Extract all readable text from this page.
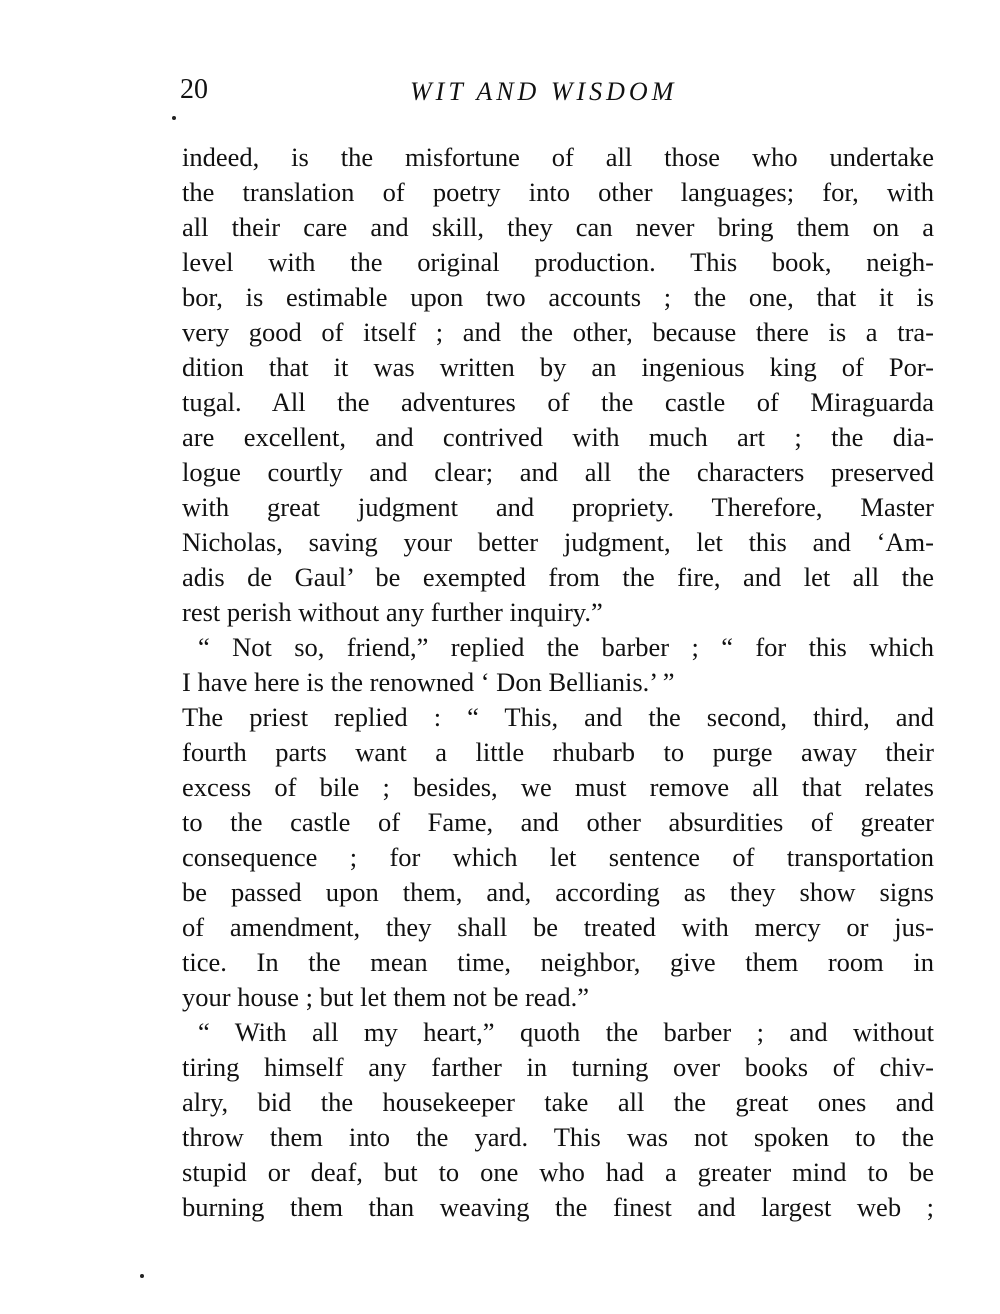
20	WIT AND WISDOM
indeed, is the misfortune of all those who undertake
the translation of poetry into other languages; for, with
all their care and skill, they can never bring them on a
level with the original production. This book, neigh-
bor, is estimable upon two accounts ; the one, that it is
very good of itself ; and the other, because there is a tra-
dition that it was written by an ingenious king of Por-
tugal. All the adventures of the castle of Miraguarda
are excellent, and contrived with much art ; the dia-
logue courtly and clear; and all the characters preserved
with great judgment and propriety. Therefore, Master
Nicholas, saving your better judgment, let this and ‘Am-
adis de Gaul’ be exempted from the fire, and let all the
rest perish without any further inquiry.”
“ Not so, friend,” replied the barber ; “ for this which
I have here is the renowned ‘ Don Bellianis.’ ”
The priest replied : “ This, and the second, third, and
fourth parts want a little rhubarb to purge away their
excess of bile ; besides, we must remove all that relates
to the castle of Fame, and other absurdities of greater
consequence ; for which let sentence of transportation
be passed upon them, and, according as they show signs
of amendment, they shall be treated with mercy or jus-
tice. In the mean time, neighbor, give them room in
your house ; but let them not be read.”
“ With all my heart,” quoth the barber ; and without
tiring himself any farther in turning over books of chiv-
alry, bid the housekeeper take all the great ones and
throw them into the yard. This was not spoken to the
stupid or deaf, but to one who had a greater mind to be
burning them than weaving the finest and largest web ;
